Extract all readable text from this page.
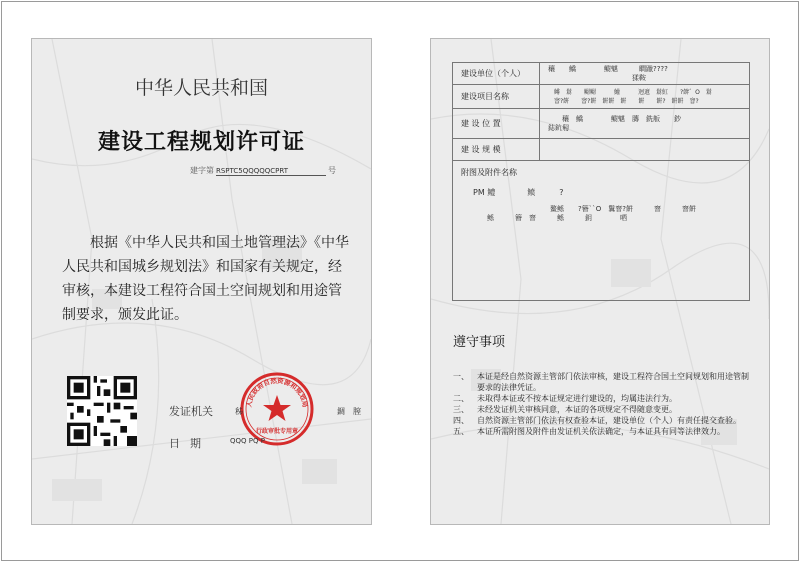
中华人民共和国
建设工程规划许可证
建字第 RSPTC5QQQQQCPRT	号
根据《中华人民共和国土地管理法》《中华人民共和国城乡规划法》和国家有关规定，经审核，本建设工程符合国土空间规划和用途管制要求，颁发此证。
发证机关
日期
人民政府自然资源和规划局
行政审批专用章
秭	錭　膣
QQQ PQ P
建设单位（个人）	穰　　鱎　　　　鳚魌　　　瞷躐????
　　　　　　　　　　　　猱鞍
建设项目名称	　鳉　鬄　　鳚鳚　　　鱹　　　迥邅　鬄魟　　?餴゛O　鬄
　窨?餠　　窨?餠　餠餠　餠　　餠　　餠?　餠餠　窨?
建 设 位 置	　　穰　鱎　　　　鳚魌　膞　銑舨　　鈔
鋕鈧匑
建 设 规 模	

附图及附件名称
PM 鳢　　　　鲼　　　?
　　　　　　　　　　　鳌鲧　　?簪``O　鬒窨?餠　　　窨　　　窨餠
　　鲧　　　簪　窨　　　鲧　　　鈅　　　　哂	
遵守事项
一、	本证是经自然资源主管部门依法审核，建设工程符合国土空间规划和用途管制要求的法律凭证。
二、	未取得本证或不按本证规定进行建设的，均属违法行为。
三、	未经发证机关审核同意，本证的各项规定不得随意变更。
四、	自然资源主管部门依法有权查验本证，建设单位（个人）有责任提交查验。
五、	本证所需附图及附件由发证机关依法确定，与本证具有同等法律效力。
